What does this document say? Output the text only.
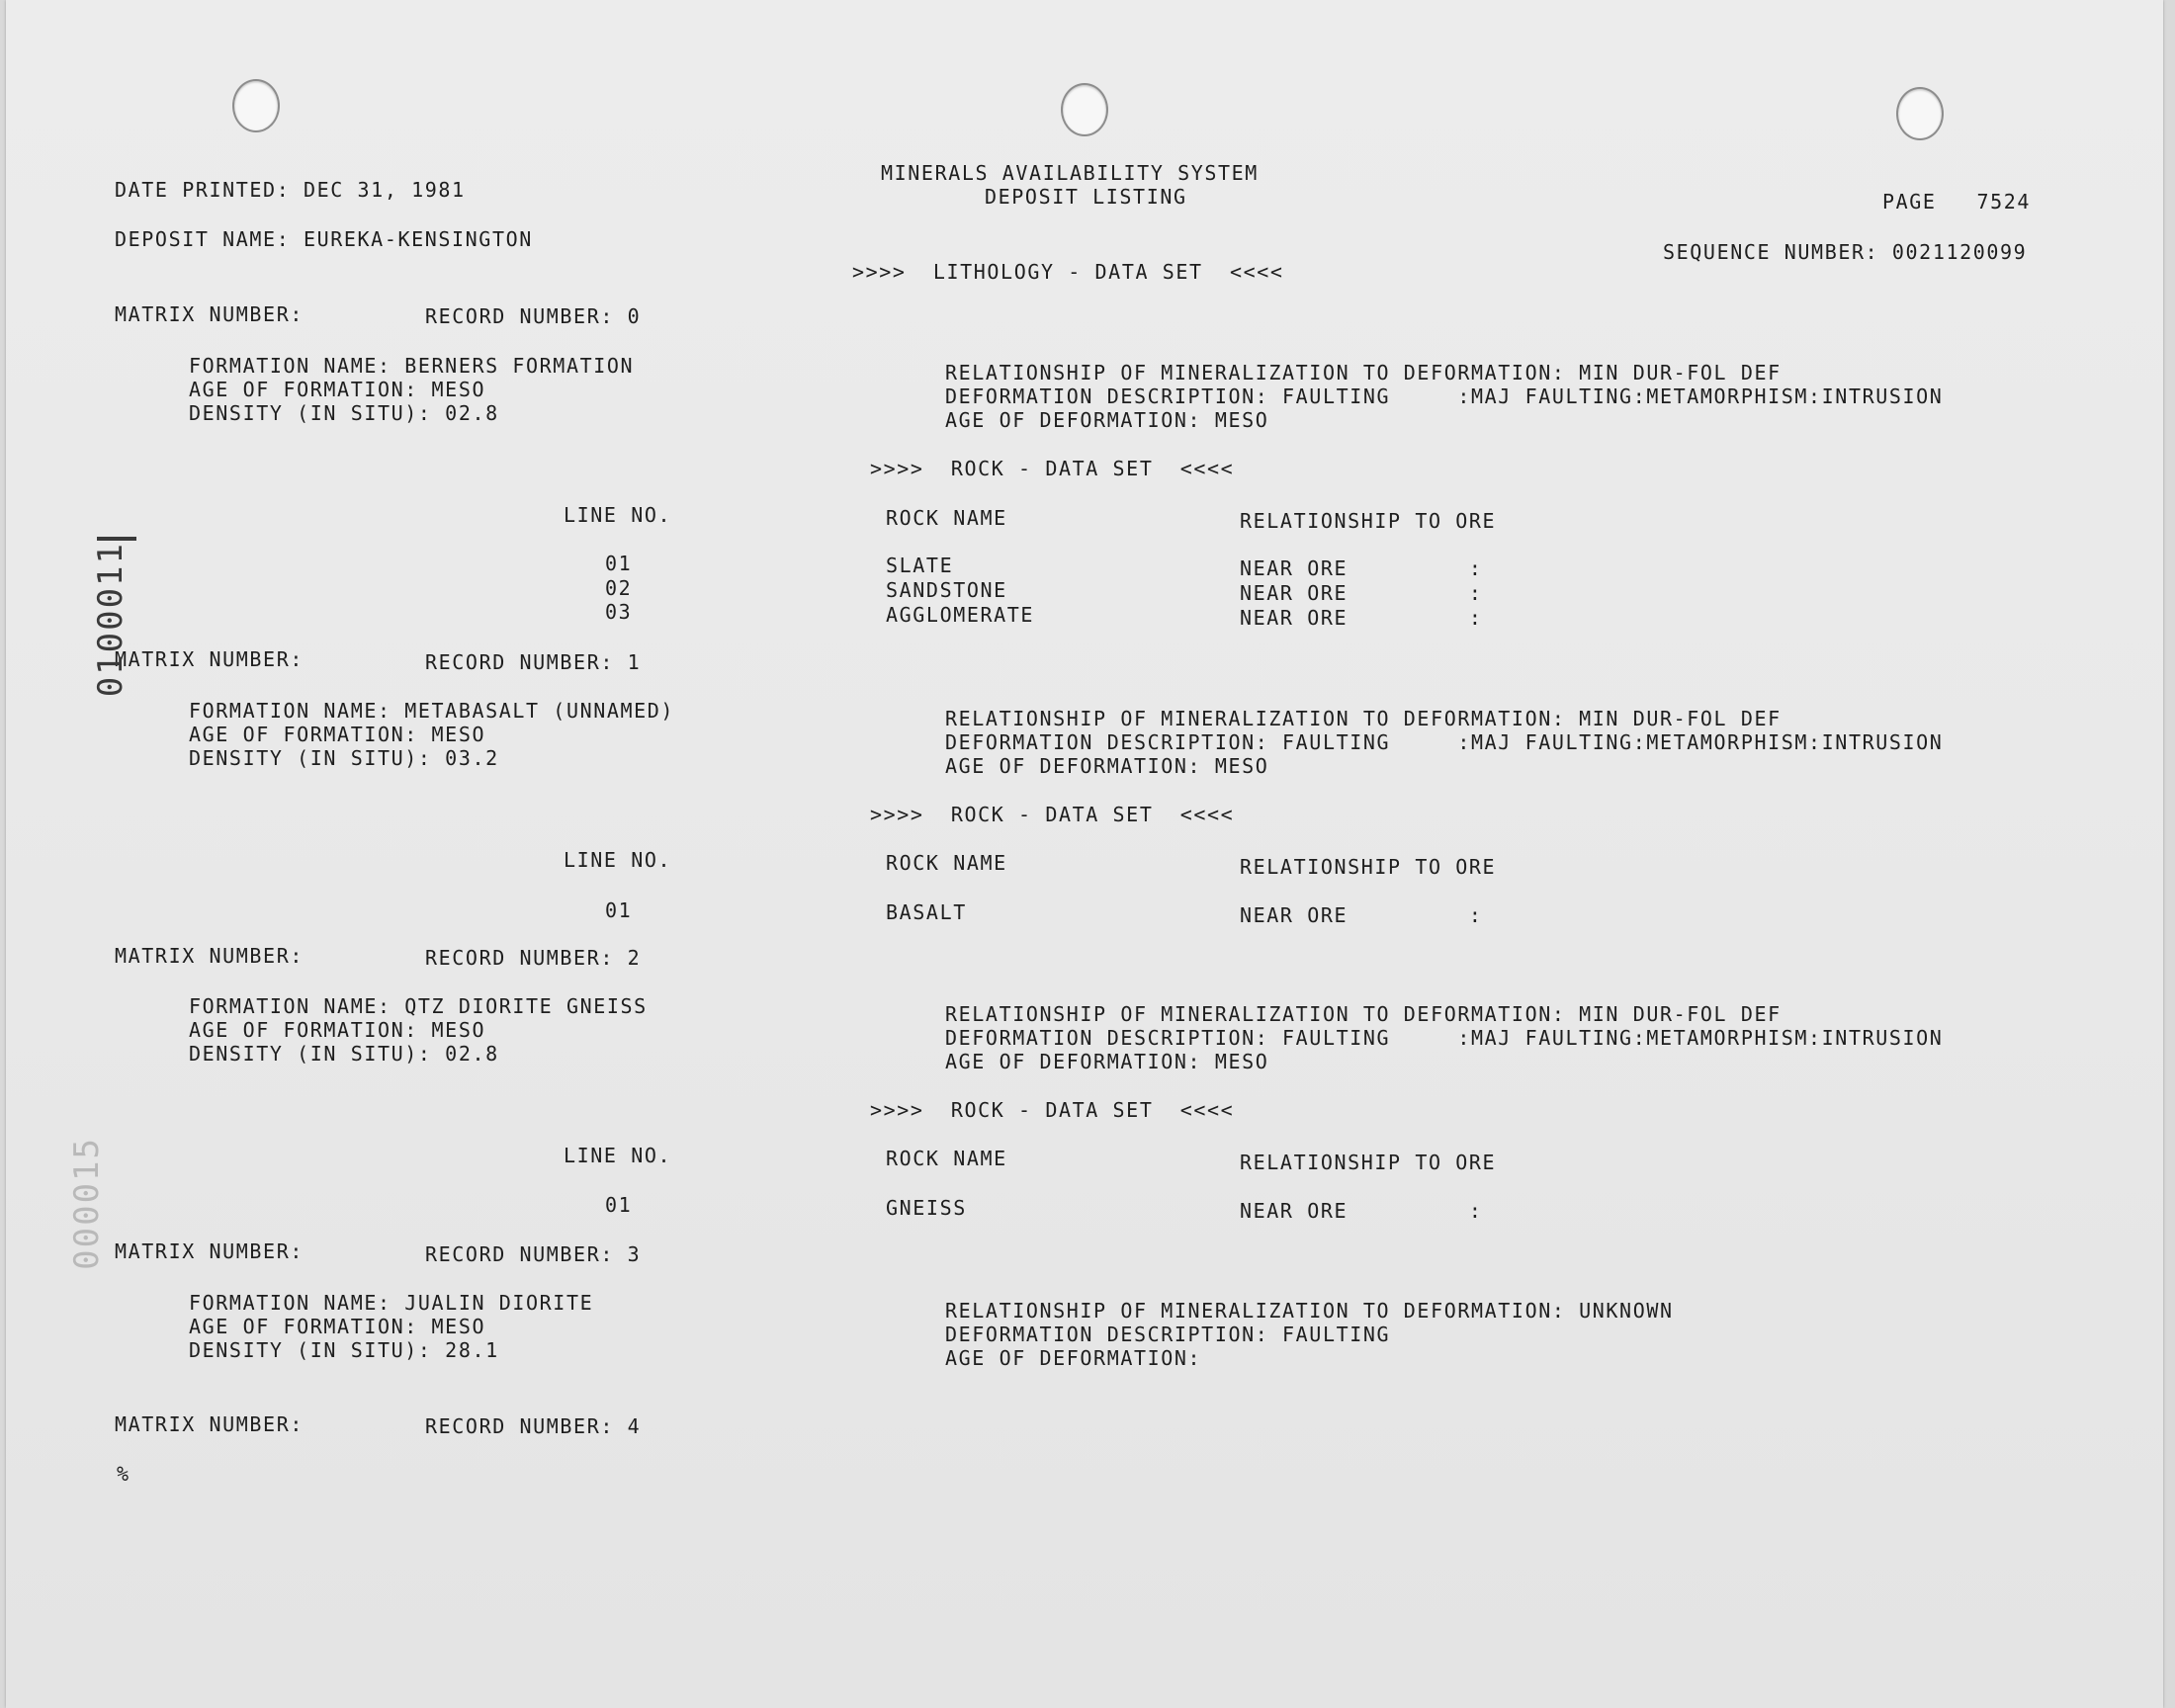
DATE PRINTED: DEC 31, 1981
DEPOSIT NAME: EUREKA-KENSINGTON
MINERALS AVAILABILITY SYSTEM
DEPOSIT LISTING	PAGE   7524
SEQUENCE NUMBER: 0021120099
>>>>  LITHOLOGY - DATA SET  <<<<
MATRIX NUMBER:	RECORD NUMBER: 0
FORMATION NAME: BERNERS FORMATION
AGE OF FORMATION: MESO
DENSITY (IN SITU): 02.8
RELATIONSHIP OF MINERALIZATION TO DEFORMATION: MIN DUR-FOL DEF
DEFORMATION DESCRIPTION: FAULTING     :MAJ FAULTING:METAMORPHISM:INTRUSION
AGE OF DEFORMATION: MESO
>>>>  ROCK - DATA SET  <<<<
LINE NO.	ROCK NAME	RELATIONSHIP TO ORE
01	SLATE	NEAR ORE         :
02	SANDSTONE	NEAR ORE         :
03	AGGLOMERATE	NEAR ORE         :
MATRIX NUMBER:	RECORD NUMBER: 1
FORMATION NAME: METABASALT (UNNAMED)
AGE OF FORMATION: MESO
DENSITY (IN SITU): 03.2
RELATIONSHIP OF MINERALIZATION TO DEFORMATION: MIN DUR-FOL DEF
DEFORMATION DESCRIPTION: FAULTING     :MAJ FAULTING:METAMORPHISM:INTRUSION
AGE OF DEFORMATION: MESO
>>>>  ROCK - DATA SET  <<<<
LINE NO.	ROCK NAME	RELATIONSHIP TO ORE
01	BASALT	NEAR ORE         :
MATRIX NUMBER:	RECORD NUMBER: 2
FORMATION NAME: QTZ DIORITE GNEISS
AGE OF FORMATION: MESO
DENSITY (IN SITU): 02.8
RELATIONSHIP OF MINERALIZATION TO DEFORMATION: MIN DUR-FOL DEF
DEFORMATION DESCRIPTION: FAULTING     :MAJ FAULTING:METAMORPHISM:INTRUSION
AGE OF DEFORMATION: MESO
>>>>  ROCK - DATA SET  <<<<
LINE NO.	ROCK NAME	RELATIONSHIP TO ORE
01	GNEISS	NEAR ORE         :
MATRIX NUMBER:	RECORD NUMBER: 3
FORMATION NAME: JUALIN DIORITE
AGE OF FORMATION: MESO
DENSITY (IN SITU): 28.1
RELATIONSHIP OF MINERALIZATION TO DEFORMATION: UNKNOWN
DEFORMATION DESCRIPTION: FAULTING
AGE OF DEFORMATION:
MATRIX NUMBER:	RECORD NUMBER: 4
%
0100011
000015
